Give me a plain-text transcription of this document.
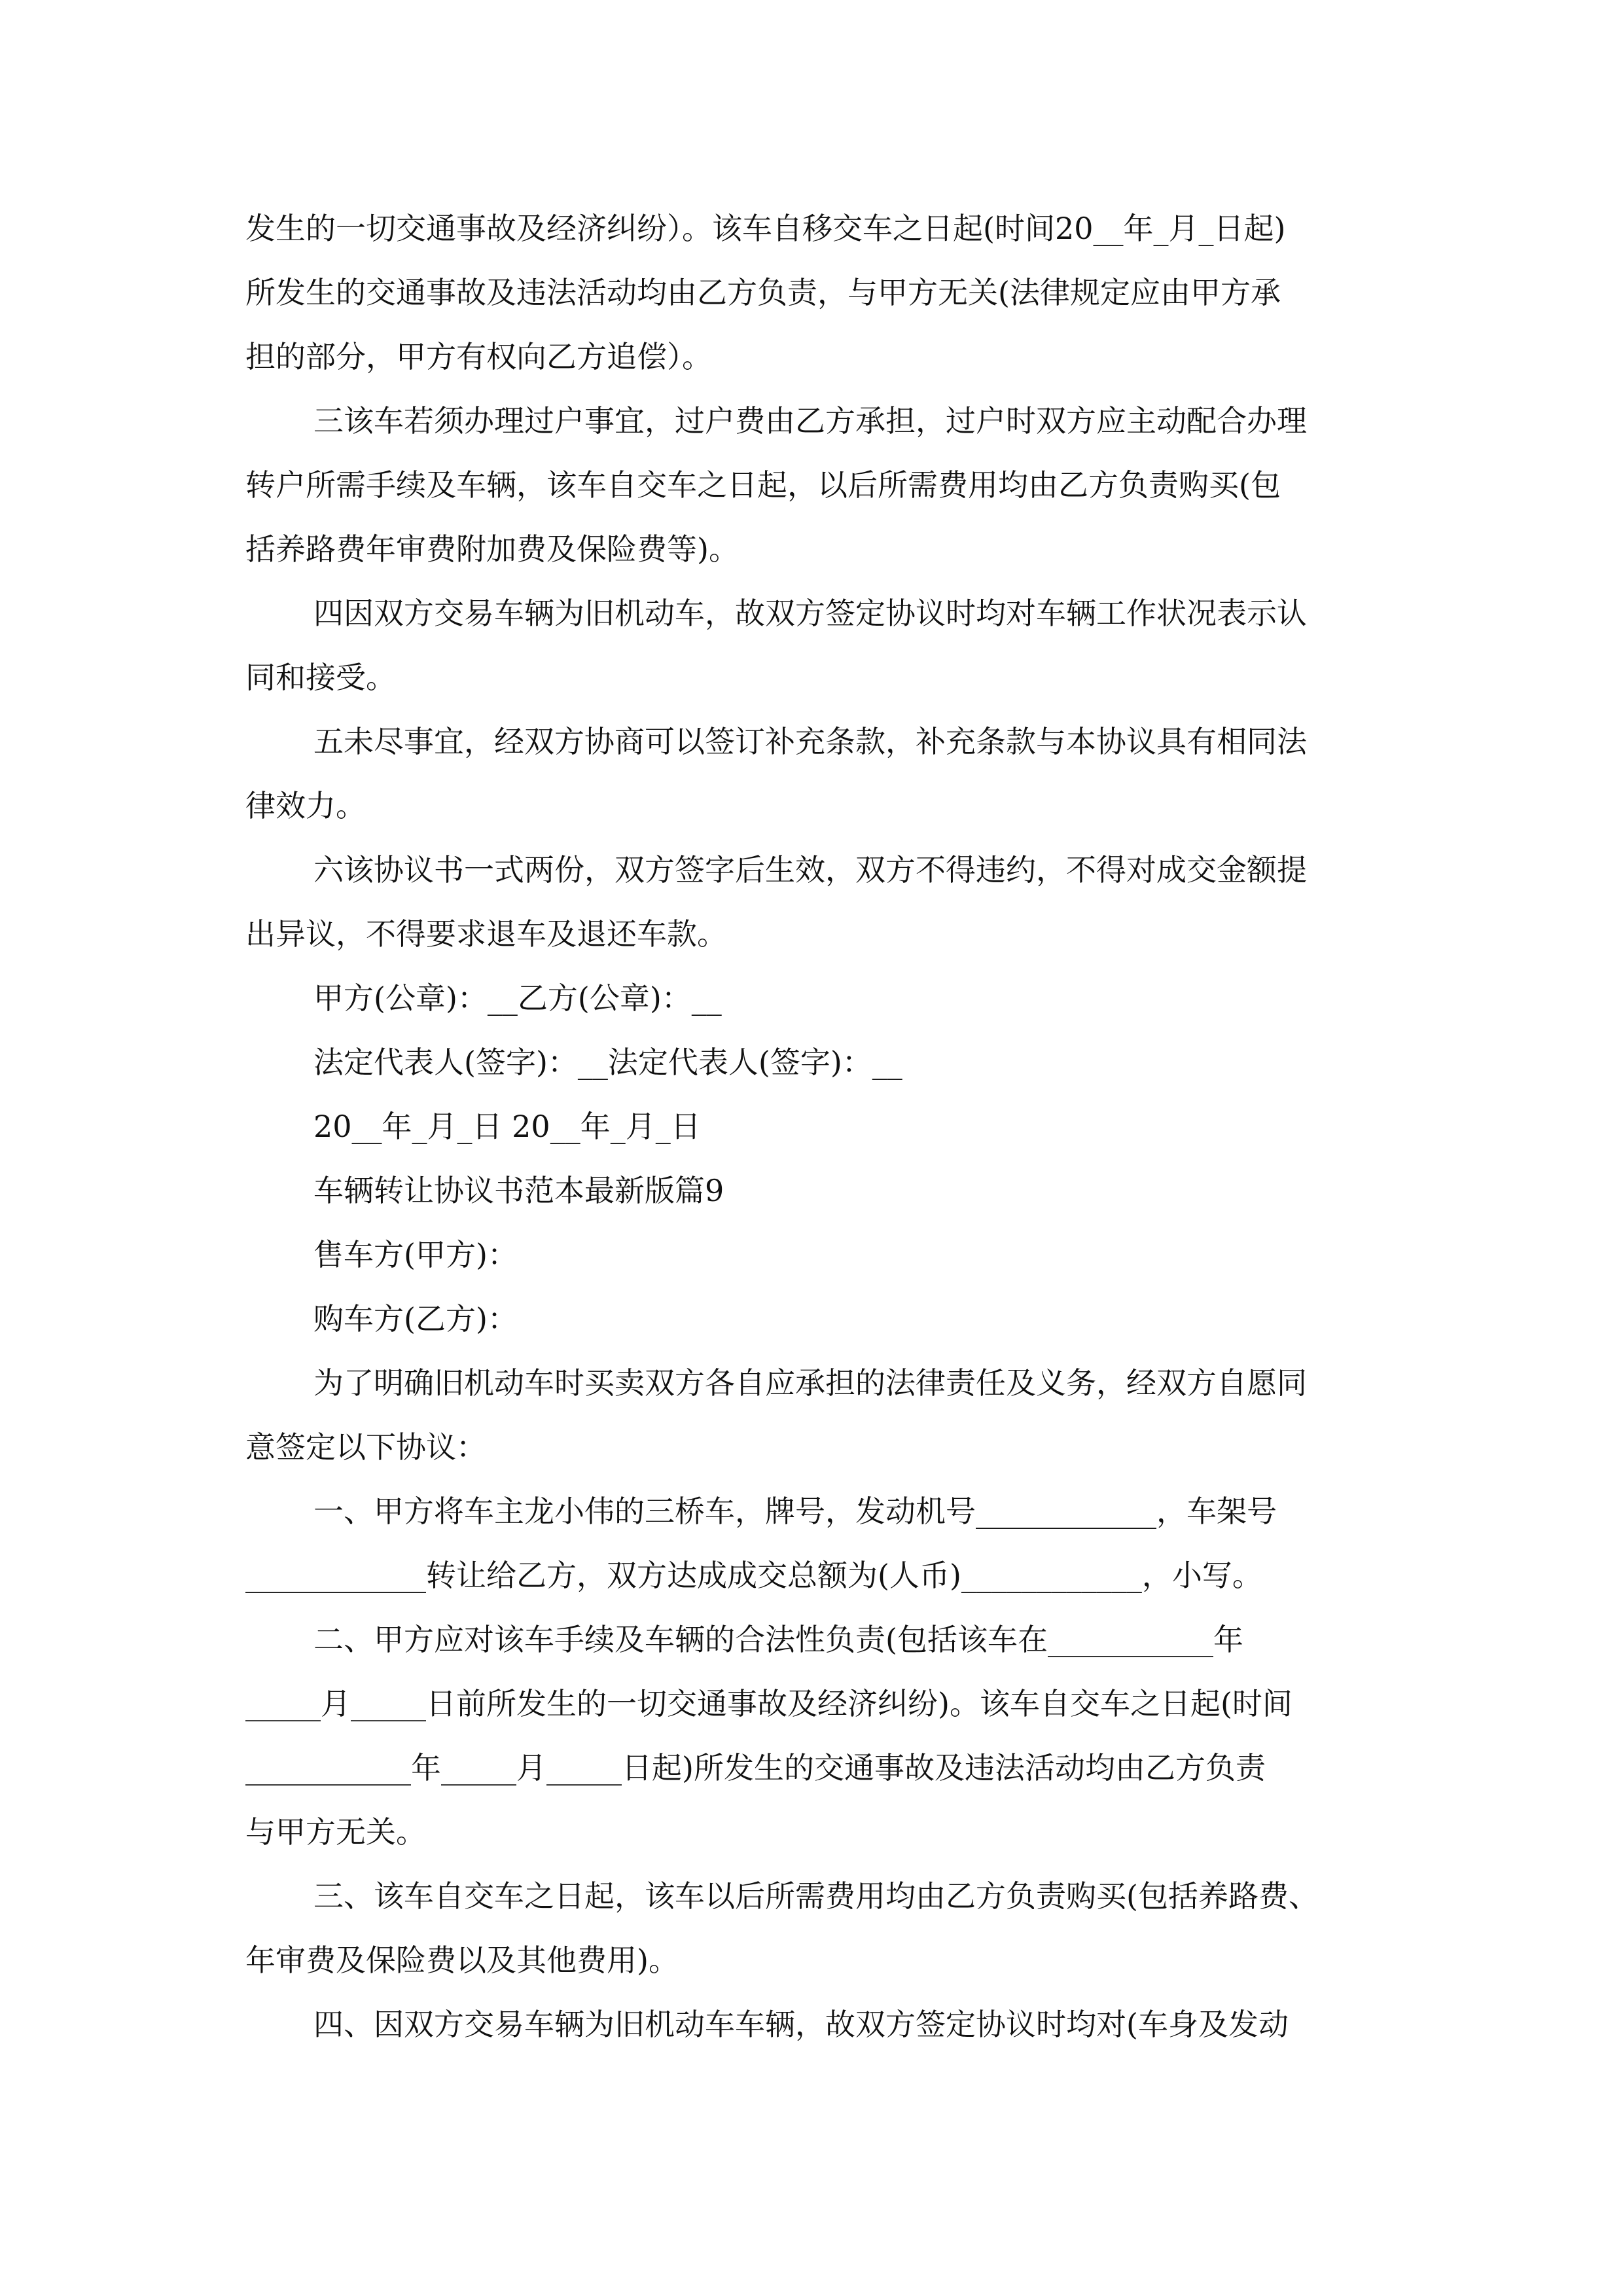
发生的一切交通事故及经济纠纷）。该车自移交车之日起(时间20__年_月_日起)
所发生的交通事故及违法活动均由乙方负责，与甲方无关(法律规定应由甲方承
担的部分，甲方有权向乙方追偿）。
三该车若须办理过户事宜，过户费由乙方承担，过户时双方应主动配合办理
转户所需手续及车辆，该车自交车之日起，以后所需费用均由乙方负责购买(包
括养路费年审费附加费及保险费等)。
四因双方交易车辆为旧机动车，故双方签定协议时均对车辆工作状况表示认
同和接受。
五未尽事宜，经双方协商可以签订补充条款，补充条款与本协议具有相同法
律效力。
六该协议书一式两份，双方签字后生效，双方不得违约，不得对成交金额提
出异议，不得要求退车及退还车款。
甲方(公章)：__乙方(公章)：__
法定代表人(签字)：__法定代表人(签字)：__
20__年_月_日 20__年_月_日
车辆转让协议书范本最新版篇9
售车方(甲方)：
购车方(乙方)：
为了明确旧机动车时买卖双方各自应承担的法律责任及义务，经双方自愿同
意签定以下协议：
一、甲方将车主龙小伟的三桥车，牌号，发动机号____________，车架号
____________转让给乙方，双方达成成交总额为(人币)____________，小写。
二、甲方应对该车手续及车辆的合法性负责(包括该车在___________年
_____月_____日前所发生的一切交通事故及经济纠纷)。该车自交车之日起(时间
___________年_____月_____日起)所发生的交通事故及违法活动均由乙方负责
与甲方无关。
三、该车自交车之日起，该车以后所需费用均由乙方负责购买(包括养路费、
年审费及保险费以及其他费用)。
四、因双方交易车辆为旧机动车车辆，故双方签定协议时均对(车身及发动
